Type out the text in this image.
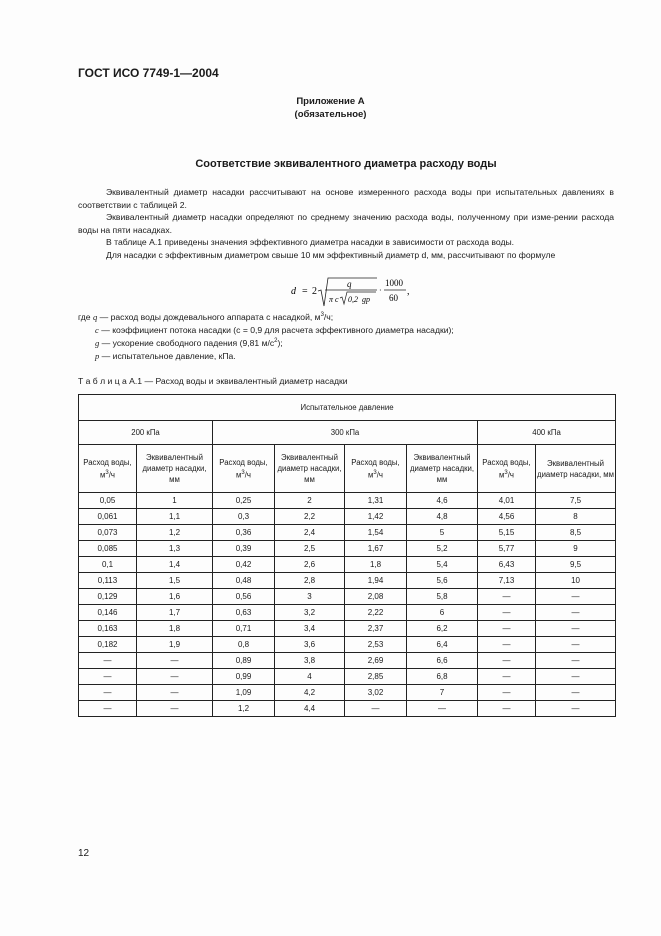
ГОСТ ИСО 7749-1—2004
Приложение А
(обязательное)
Соответствие эквивалентного диаметра расходу воды
Эквивалентный диаметр насадки рассчитывают на основе измеренного расхода воды при испытательных давлениях в соответствии с таблицей 2.
Эквивалентный диаметр насадки определяют по среднему значению расхода воды, полученному при изме-рении расхода воды на пяти насадках.
В таблице А.1 приведены значения эффективного диаметра насадки в зависимости от расхода воды.
Для насадки с эффективным диаметром свыше 10 мм эффективный диаметр d, мм, рассчитывают по формуле
d = 2
q
π c 0,2 gp
·
1000
60
,
где q — расход воды дождевального аппарата с насадкой, $м^3/ч$;
c — коэффициент потока насадки (c = 0,9 для расчета эффективного диаметра насадки);
g — ускорение свободного падения (9,81 $м/с^2$);
p — испытательное давление, кПа.
Т а б л и ц а А.1 — Расход воды и эквивалентный диаметр насадки
Испытательное давление							
200 кПа		300 кПа				400 кПа	
Расход воды, $м^3/ч$	Эквивалентный диаметр насадки, мм	Расход воды, $м^3/ч$	Эквивалентный диаметр насадки, мм	Расход воды, $м^3/ч$	Эквивалентный диаметр насадки, мм	Расход воды, $м^3/ч$	Эквивалентный диаметр насадки, мм
0,05	1	0,25	2	1,31	4,6	4,01	7,5
0,061	1,1	0,3	2,2	1,42	4,8	4,56	8
0,073	1,2	0,36	2,4	1,54	5	5,15	8,5
0,085	1,3	0,39	2,5	1,67	5,2	5,77	9
0,1	1,4	0,42	2,6	1,8	5,4	6,43	9,5
0,113	1,5	0,48	2,8	1,94	5,6	7,13	10
0,129	1,6	0,56	3	2,08	5,8	—	—
0,146	1,7	0,63	3,2	2,22	6	—	—
0,163	1,8	0,71	3,4	2,37	6,2	—	—
0,182	1,9	0,8	3,6	2,53	6,4	—	—
—	—	0,89	3,8	2,69	6,6	—	—
—	—	0,99	4	2,85	6,8	—	—
—	—	1,09	4,2	3,02	7	—	—
—	—	1,2	4,4	—	—	—	—
12
